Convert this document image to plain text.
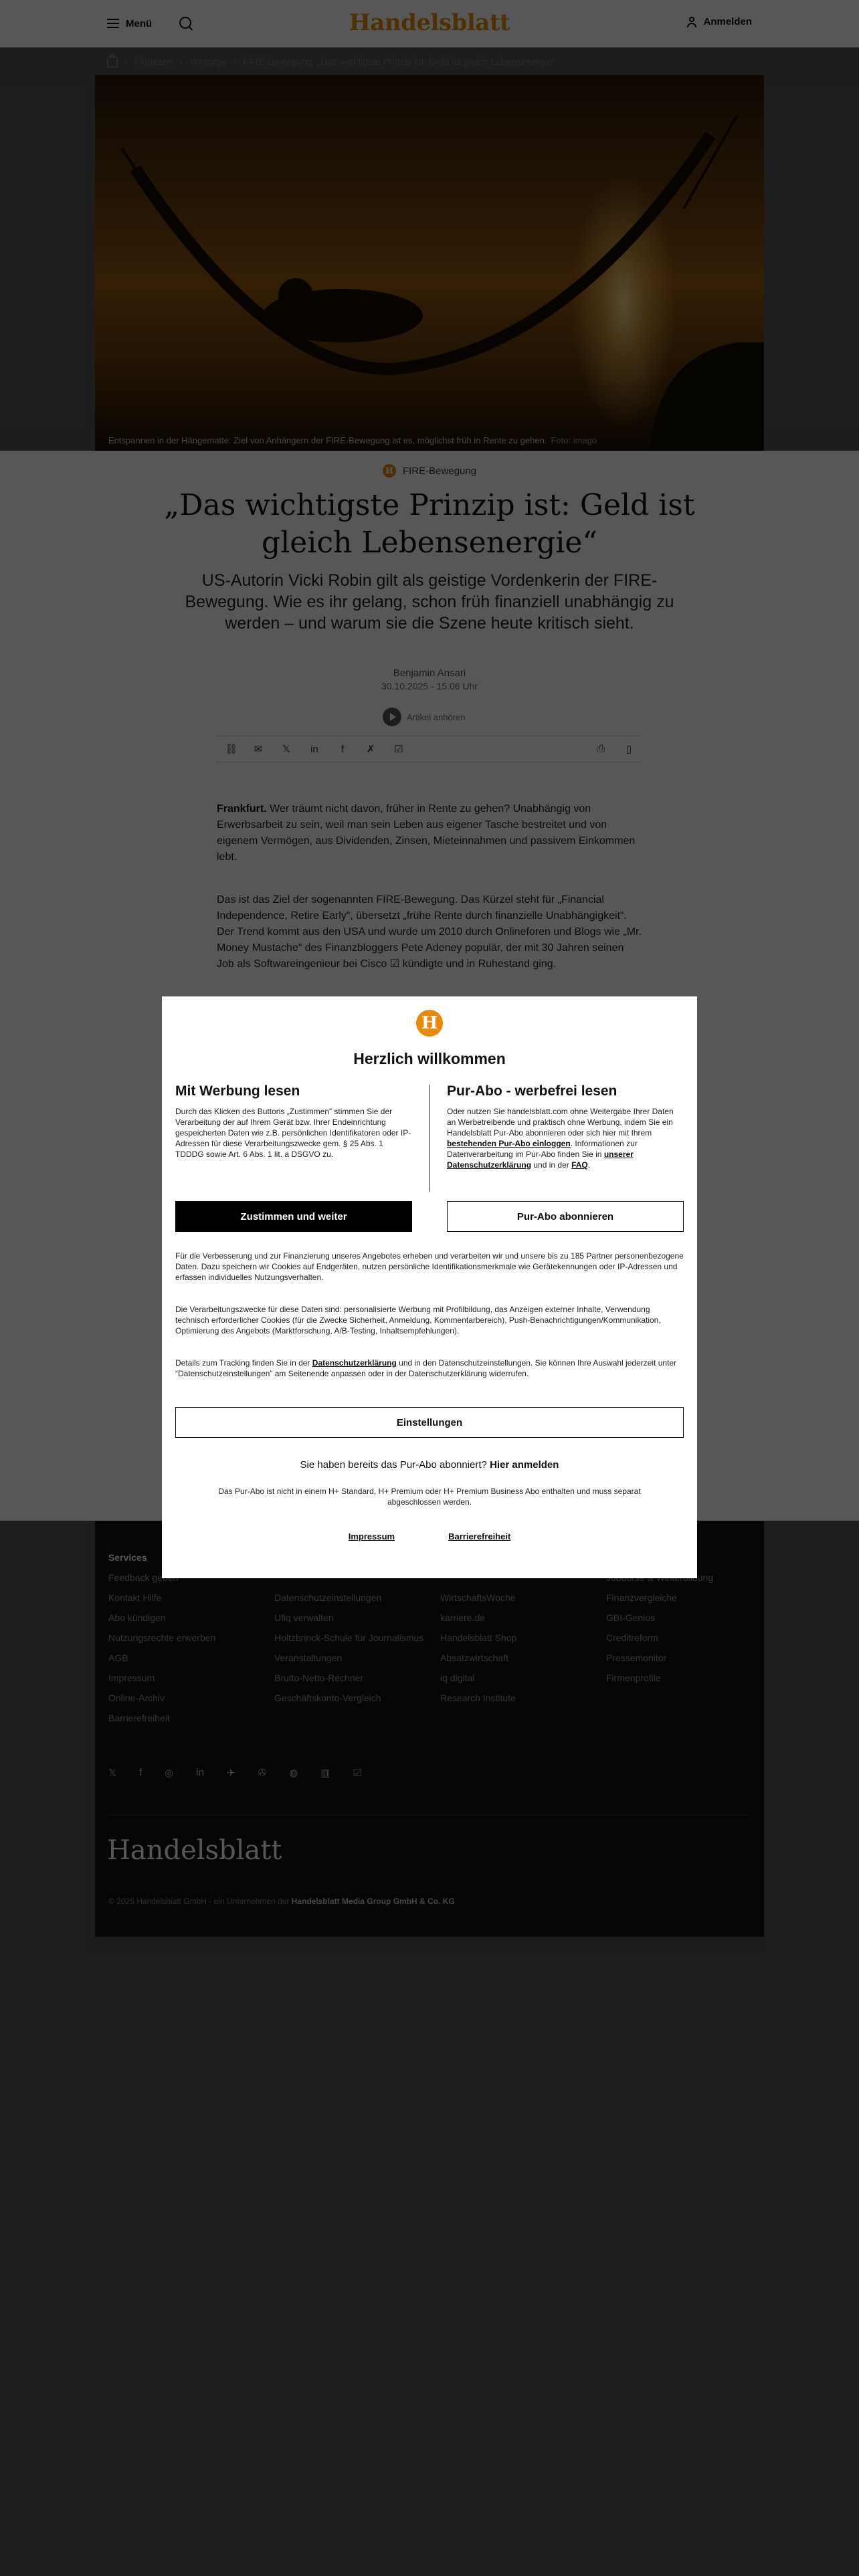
H
Herzlich willkommen
Mit Werbung lesen

Durch das Klicken des Buttons „Zustimmen“ stimmen Sie der Verarbeitung der auf Ihrem Gerät bzw. Ihrer Endeinrichtung gespeicherten Daten wie z.B. persönlichen Identifikatoren oder IP-Adressen für diese Verarbeitungszwecke gem. § 25 Abs. 1 TDDDG sowie Art. 6 Abs. 1 lit. a DSGVO zu.

Pur-Abo - werbefrei lesen

Oder nutzen Sie handelsblatt.com ohne Weitergabe Ihrer Daten an Werbetreibende und praktisch ohne Werbung, indem Sie ein Handelsblatt Pur-Abo abonnieren oder sich hier mit Ihrem bestehenden Pur-Abo einloggen. Informationen zur Datenverarbeitung im Pur-Abo finden Sie in unserer Datenschutzerklärung und in der FAQ.

Zustimmen und weiter	Pur-Abo abonnieren
Für die Verbesserung und zur Finanzierung unseres Angebotes erheben und verarbeiten wir und unsere bis zu 185 Partner personenbezogene Daten. Dazu speichern wir Cookies auf Endgeräten, nutzen persönliche Identifikationsmerkmale wie Gerätekennungen oder IP-Adressen und erfassen individuelles Nutzungsverhalten.
Die Verarbeitungszwecke für diese Daten sind: personalisierte Werbung mit Profilbildung, das Anzeigen externer Inhalte, Verwendung technisch erforderlicher Cookies (für die Zwecke Sicherheit, Anmeldung, Kommentarbereich), Push-Benachrichtigungen/Kommunikation, Optimierung des Angebots (Marktforschung, A/B-Testing, Inhaltsempfehlungen).
Details zum Tracking finden Sie in der Datenschutzerklärung und in den Datenschutzeinstellungen. Sie können Ihre Auswahl jederzeit unter “Datenschutzeinstellungen” am Seitenende anpassen oder in der Datenschutzerklärung widerrufen.
Einstellungen
Sie haben bereits das Pur-Abo abonniert? Hier anmelden
Das Pur-Abo ist nicht in einem H+ Standard, H+ Premium oder H+ Premium Business Abo enthalten und muss separat abgeschlossen werden.
Impressum	Barrierefreiheit
